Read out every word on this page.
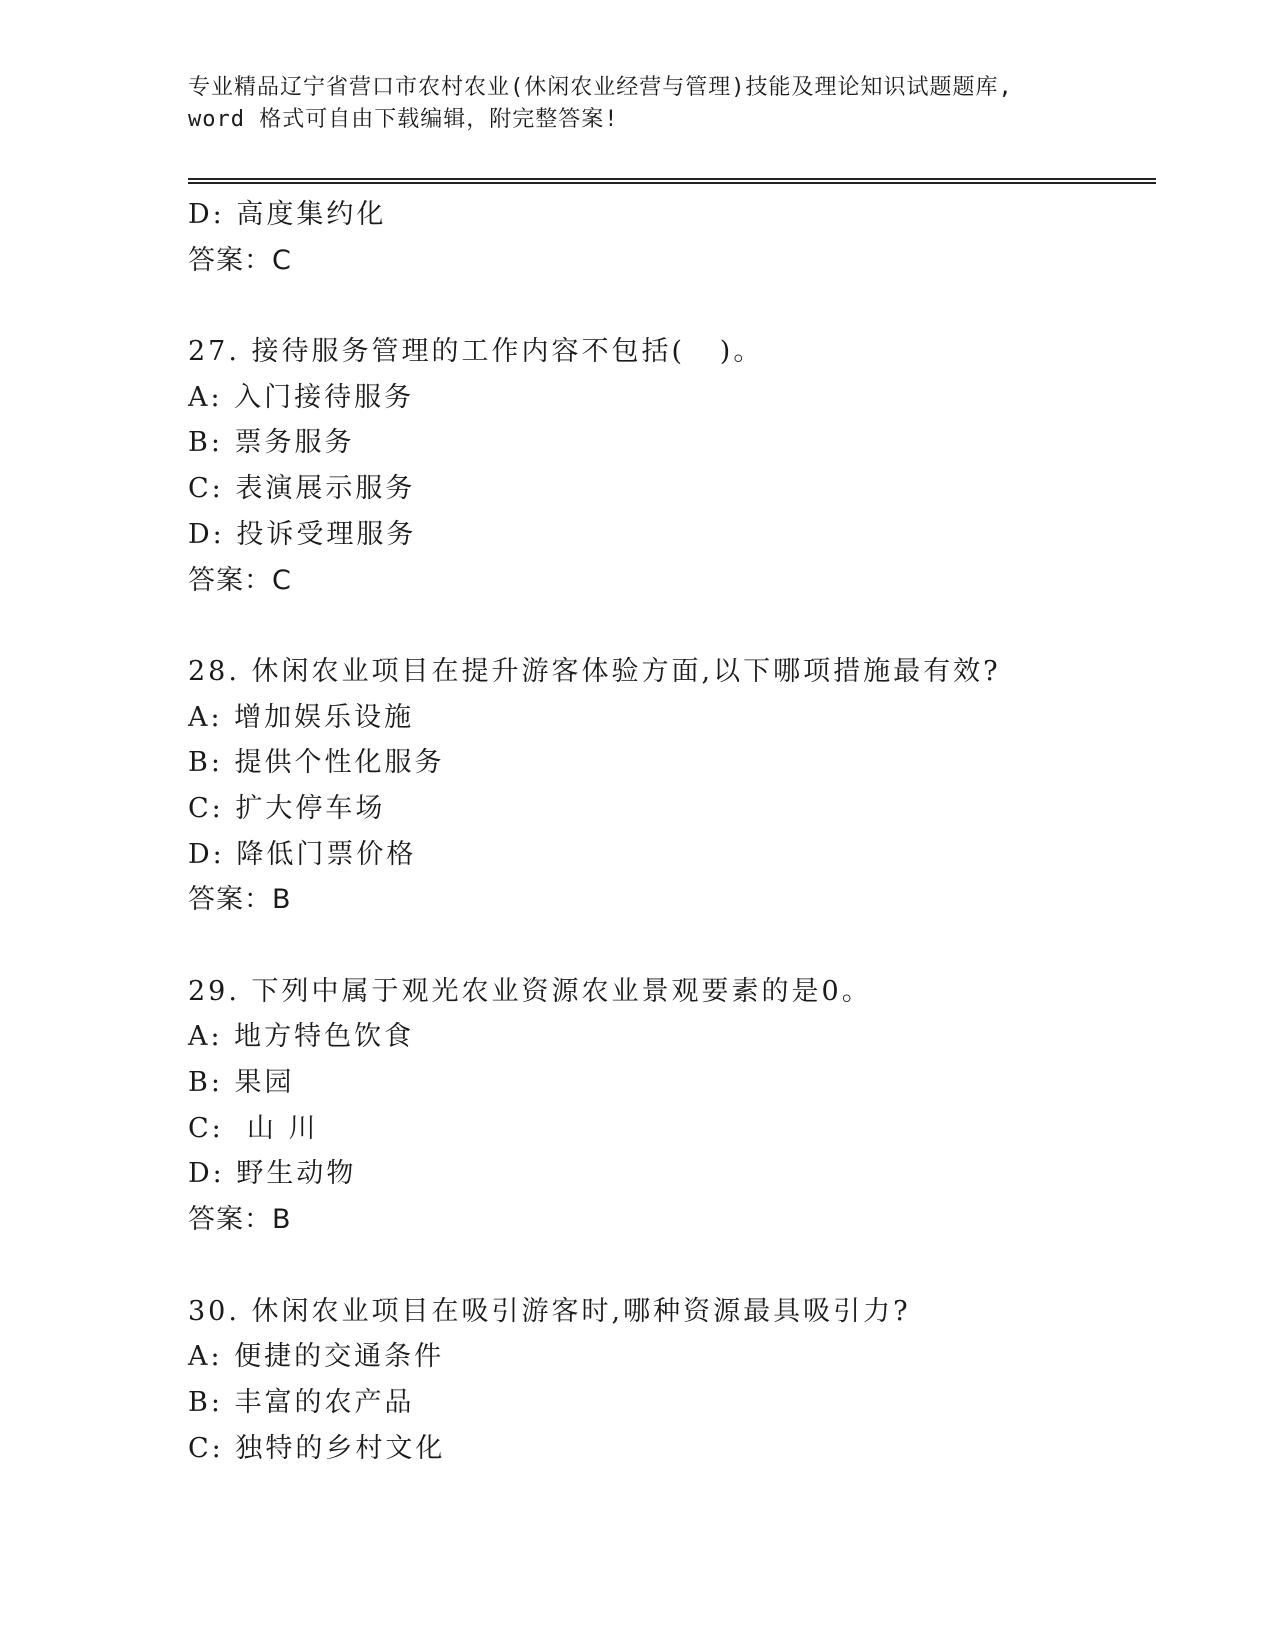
专业精品辽宁省营口市农村农业(休闲农业经营与管理)技能及理论知识试题题库,
word 格式可自由下载编辑，附完整答案!
D: 高度集约化
答案：C
27. 接待服务管理的工作内容不包括(   )。
A: 入门接待服务
B: 票务服务
C: 表演展示服务
D: 投诉受理服务
答案：C
28. 休闲农业项目在提升游客体验方面,以下哪项措施最有效?
A: 增加娱乐设施
B: 提供个性化服务
C: 扩大停车场
D: 降低门票价格
答案：B
29. 下列中属于观光农业资源农业景观要素的是0。
A: 地方特色饮食
B: 果园
C:  山 川
D: 野生动物
答案：B
30. 休闲农业项目在吸引游客时,哪种资源最具吸引力?
A: 便捷的交通条件
B: 丰富的农产品
C: 独特的乡村文化
